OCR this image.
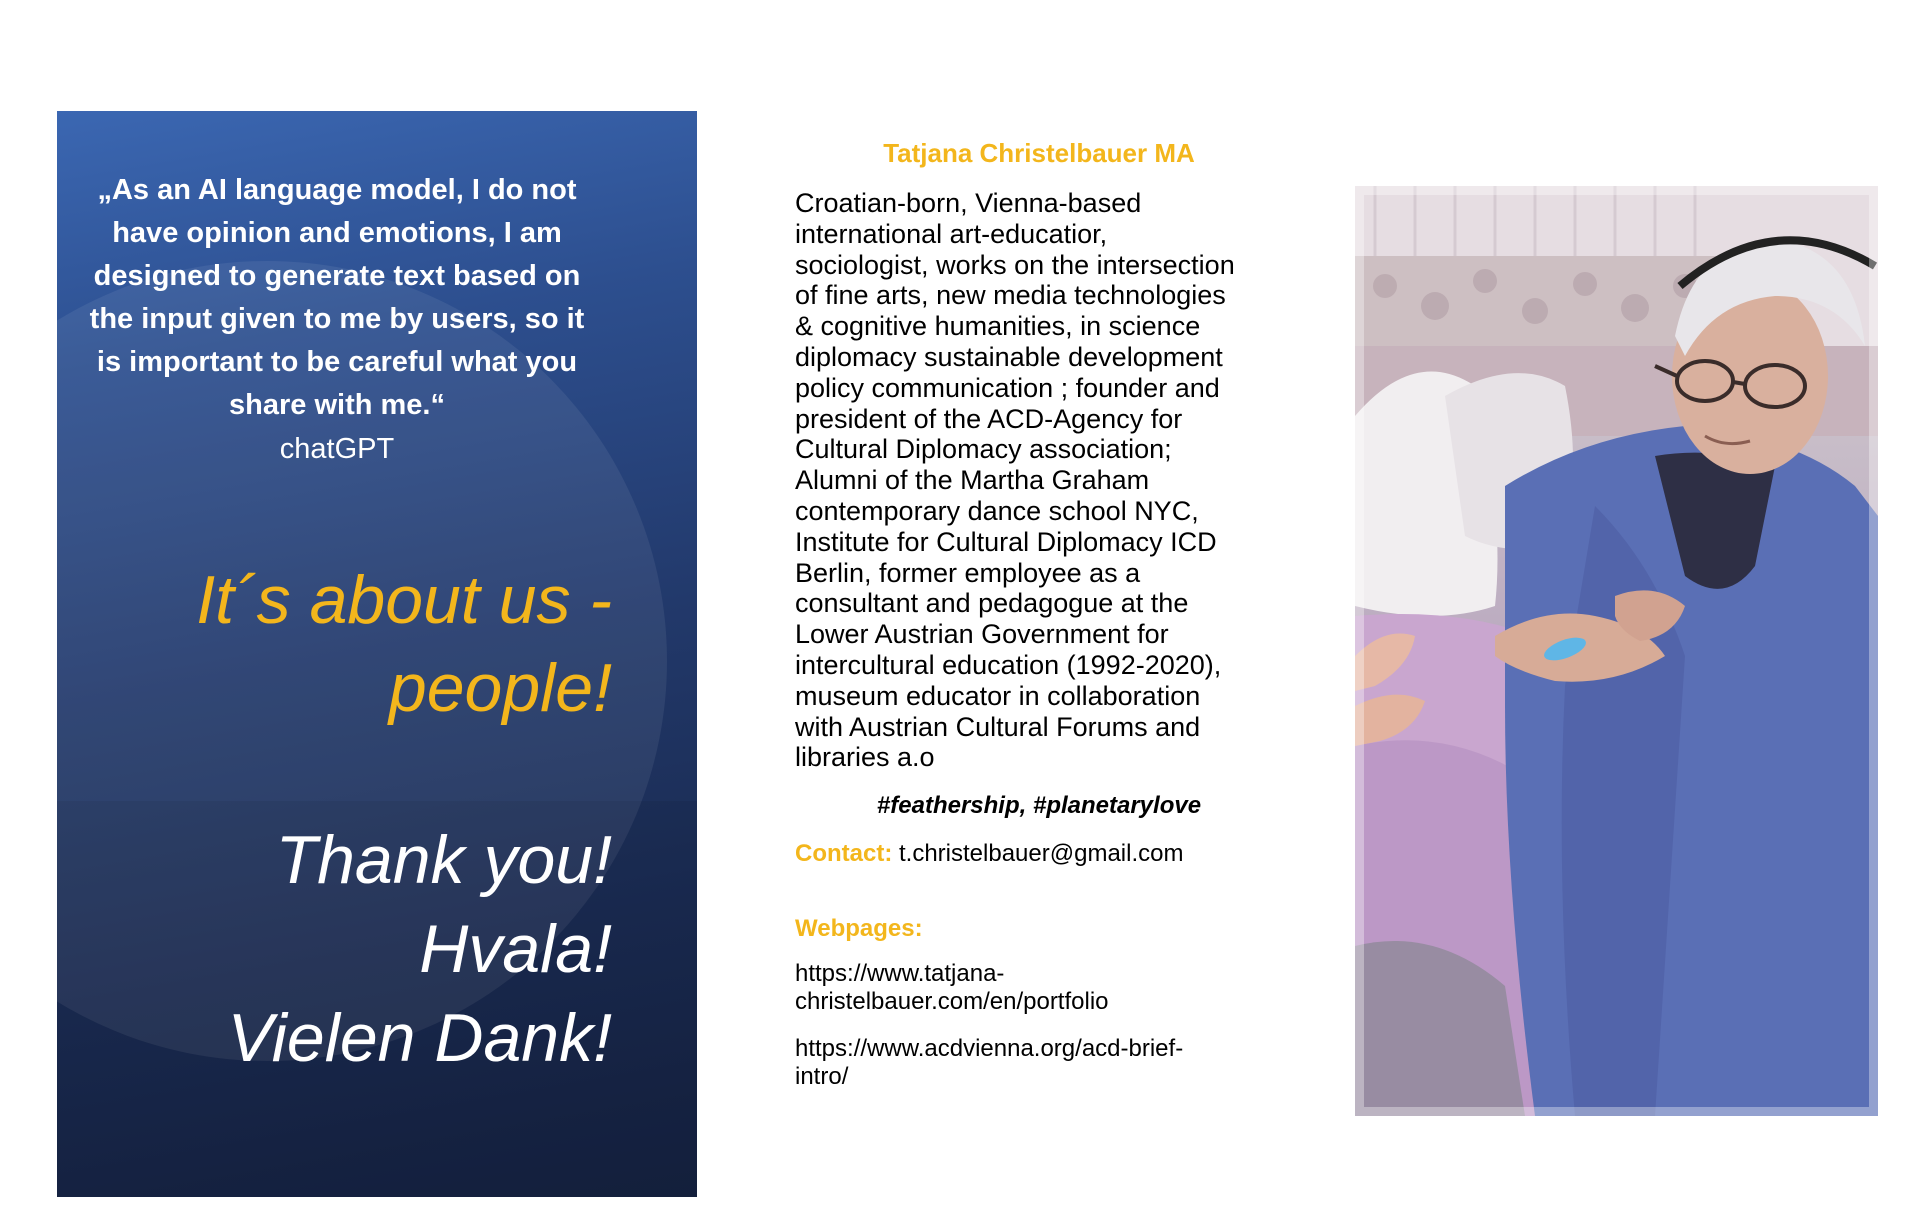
„As an AI language model, I do not have opinion and emotions, I am designed to generate text based on the input given to me by users, so it is important to be careful what you share with me.“
chatGPT
It´s about us -
people!
Thank you!
Hvala!
Vielen Dank!
Tatjana Christelbauer MA
Croatian-born, Vienna-based
international art-educatior,
sociologist, works on the intersection
of fine arts, new media technologies
& cognitive humanities, in science
diplomacy sustainable development
policy communication ; founder and
president of the ACD-Agency for
Cultural Diplomacy association;
Alumni of the Martha Graham
contemporary dance school NYC,
Institute for Cultural Diplomacy ICD
Berlin, former employee as a
consultant and pedagogue at the
Lower Austrian Government for
intercultural education (1992-2020),
museum educator in collaboration
with Austrian Cultural Forums and
libraries a.o
#feathership, #planetarylove
Contact: t.christelbauer@gmail.com
Webpages:
https://www.tatjana-
christelbauer.com/en/portfolio
https://www.acdvienna.org/acd-brief-
intro/
